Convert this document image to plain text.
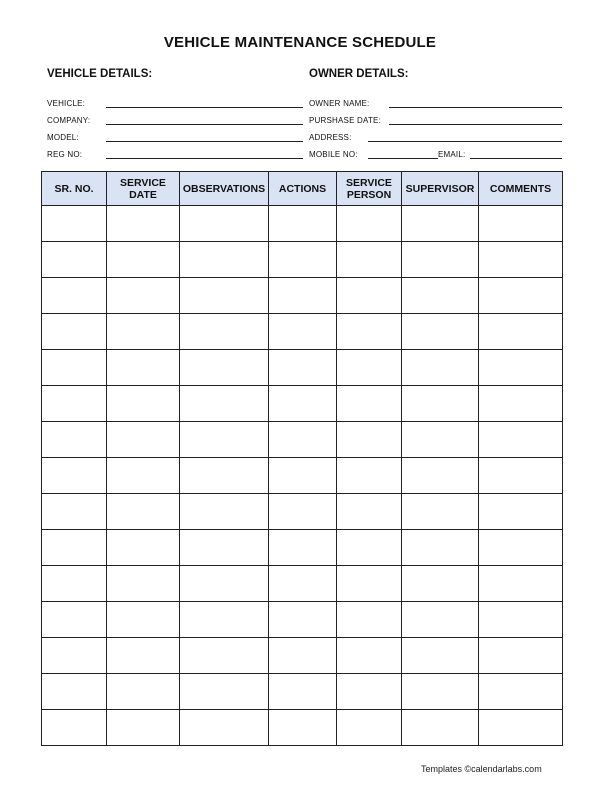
VEHICLE MAINTENANCE SCHEDULE
VEHICLE DETAILS:	OWNER DETAILS:
VEHICLE:
COMPANY:
MODEL:
REG NO:
OWNER NAME:
PURSHASE DATE:
ADDRESS:
MOBILE NO:	EMAIL:
SR. NO.	SERVICE DATE	OBSERVATIONS	ACTIONS	SERVICE PERSON	SUPERVISOR	COMMENTS

Templates ©calendarlabs.com
